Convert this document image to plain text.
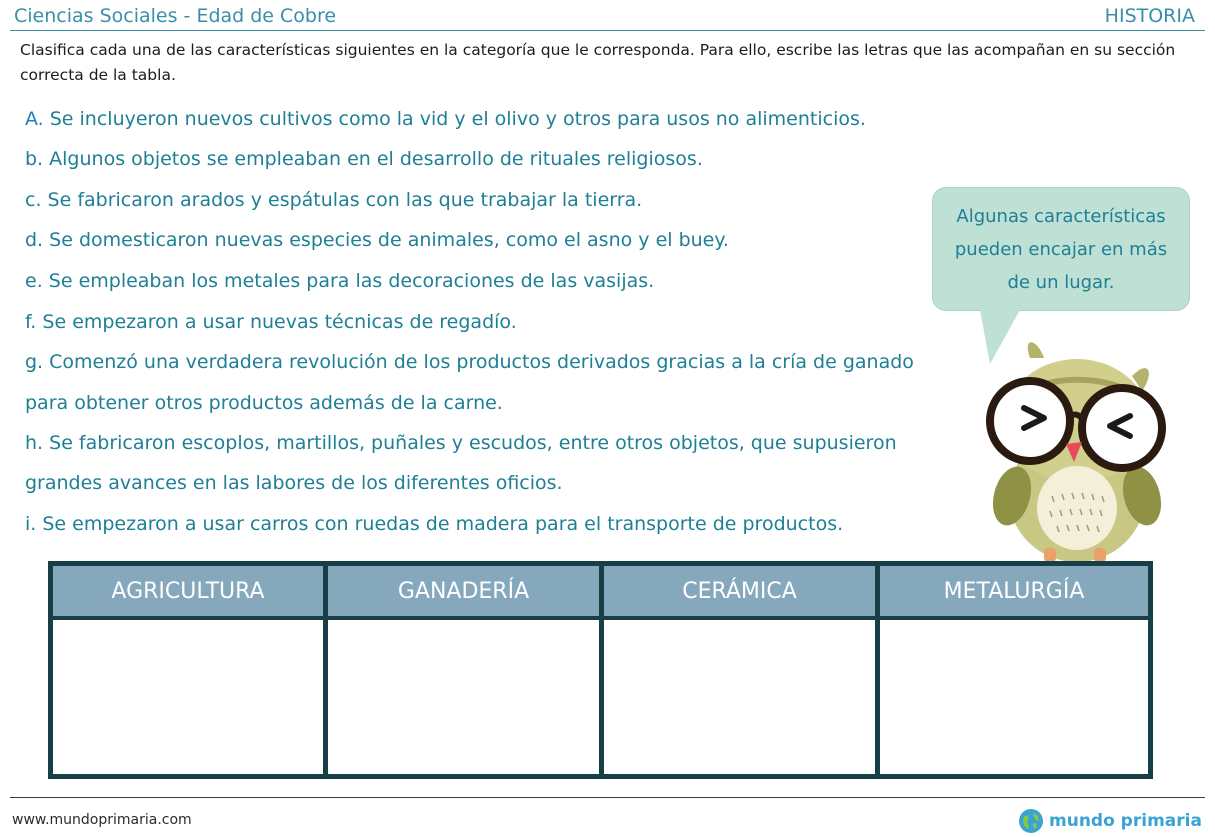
Ciencias Sociales - Edad de Cobre	HISTORIA
Clasifica cada una de las características siguientes en la categoría que le corresponda. Para ello, escribe las letras que las acompañan en su sección correcta de la tabla.
A. Se incluyeron nuevos cultivos como la vid y el olivo y otros para usos no alimenticios.
b. Algunos objetos se empleaban en el desarrollo de rituales religiosos.
c. Se fabricaron arados y espátulas con las que trabajar la tierra.
d. Se domesticaron nuevas especies de animales, como el asno y el buey.
e. Se empleaban los metales para las decoraciones de las vasijas.
f. Se empezaron a usar nuevas técnicas de regadío.
g. Comenzó una verdadera revolución de los productos derivados gracias a la cría de ganado
para obtener otros productos además de la carne.
h. Se fabricaron escoplos, martillos, puñales y escudos, entre otros objetos, que supusieron
grandes avances en las labores de los diferentes oficios.
i. Se empezaron a usar carros con ruedas de madera para el transporte de productos.
Algunas características
pueden encajar en más
de un lugar.
AGRICULTURA	GANADERÍA	CERÁMICA	METALURGÍA
www.mundoprimaria.com	mundo primaria
